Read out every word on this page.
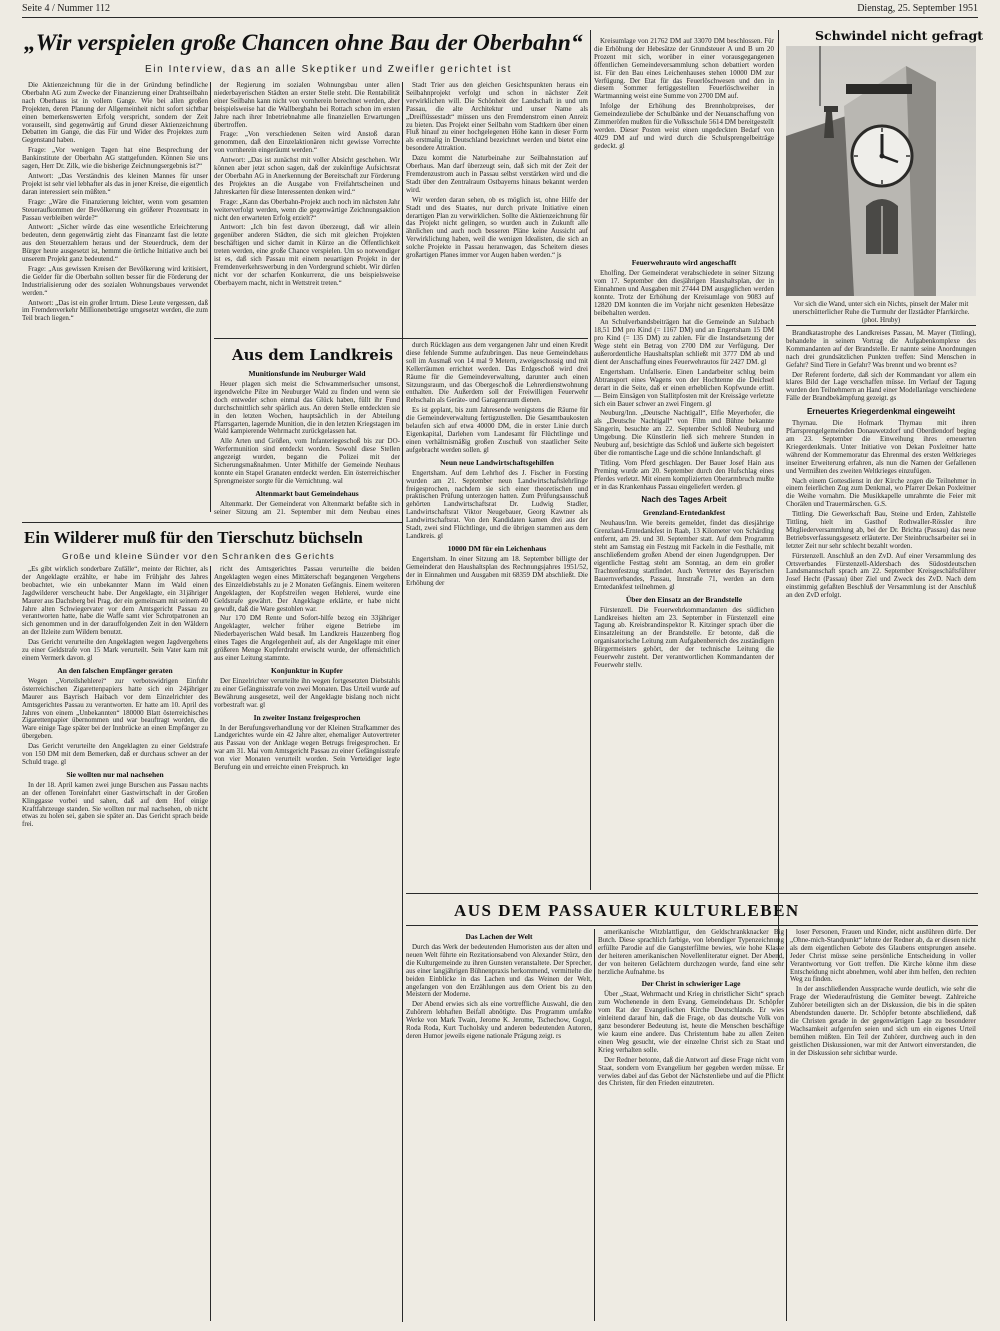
Seite 4 / Nummer 112	Dienstag, 25. September 1951
„Wir verspielen große Chancen ohne Bau der Oberbahn“
Ein Interview, das an alle Skeptiker und Zweifler gerichtet ist

Die Aktienzeichnung für die in der Gründung befindliche Oberbahn AG zum Zwecke der Finanzierung einer Drahtseilbahn nach Oberhaus ist in vollem Gange. Wie bei allen großen Projekten, deren Planung der Allgemeinheit nicht sofort sichtbar einen bemerkenswerten Erfolg verspricht, sondern der Zeit vorauseilt, sind gegenwärtig auf Grund dieser Aktienzeichnung Debatten im Gange, die das Für und Wider des Projektes zum Gegenstand haben.

Frage: „Vor wenigen Tagen hat eine Besprechung der Bankinstitute der Oberbahn AG stattgefunden. Können Sie uns sagen, Herr Dr. Zilk, wie die bisherige Zeichnungsergebnis ist?“

Antwort: „Das Verständnis des kleinen Mannes für unser Projekt ist sehr viel lebhafter als das in jener Kreise, die eigentlich daran interessiert sein müßten.“

Frage: „Wäre die Finanzierung leichter, wenn vom gesamten Steueraufkommen der Bevölkerung ein größerer Prozentsatz in Passau verbleiben würde?“

Antwort: „Sicher würde das eine wesentliche Erleichterung bedeuten, denn gegenwärtig zieht das Finanzamt fast die letzte aus den Steuerzahlern heraus und der Steuerdruck, dem der Bürger heute ausgesetzt ist, hemmt die örtliche Initiative auch bei unserem Projekt ganz bedeutend.“

Frage: „Aus gewissen Kreisen der Bevölkerung wird kritisiert, die Gelder für die Oberbahn sollten besser für die Förderung der Industrialisierung oder des sozialen Wohnungsbaues verwendet werden.“

Antwort: „Das ist ein großer Irrtum. Diese Leute vergessen, daß im Fremdenverkehr Millionenbeträge umgesetzt werden, die zum Teil brach liegen.“

der Regierung im sozialen Wohnungsbau unter allen niederbayerischen Städten an erster Stelle steht. Die Rentabilität einer Seilbahn kann nicht von vornherein berechnet werden, aber beispielsweise hat die Wallbergbahn bei Rottach schon im ersten Jahre nach ihrer Inbetriebnahme alle finanziellen Erwartungen übertroffen.

Frage: „Von verschiedenen Seiten wird Anstoß daran genommen, daß den Einzelaktionären nicht gewisse Vorrechte von vornherein eingeräumt werden.“

Antwort: „Das ist zunächst mit voller Absicht geschehen. Wir können aber jetzt schon sagen, daß der zukünftige Aufsichtsrat der Oberbahn AG in Anerkennung der Bereitschaft zur Förderung des Projektes an die Ausgabe von Freifahrtscheinen und Jahreskarten für diese Interessenten denken wird.“

Frage: „Kann das Oberbahn-Projekt auch noch im nächsten Jahr weiterverfolgt werden, wenn die gegenwärtige Zeichnungsaktion nicht den erwarteten Erfolg erzielt?“

Antwort: „Ich bin fest davon überzeugt, daß wir allein gegenüber anderen Städten, die sich mit gleichen Projekten beschäftigen und sicher damit in Kürze an die Öffentlichkeit treten werden, eine große Chance verspielen. Um so notwendiger ist es, daß sich Passau mit einem neuartigen Projekt in der Fremdenverkehrswerbung in den Vordergrund schiebt. Wir dürfen nicht vor der scharfen Konkurrenz, die uns beispielsweise Oberbayern macht, nicht in Wettstreit treten.“

Stadt Trier aus den gleichen Gesichtspunkten heraus ein Seilbahnprojekt verfolgt und schon in nächster Zeit verwirklichen will. Die Schönheit der Landschaft in und um Passau, die alte Architektur und unser Name als „Dreiflüssestadt“ müssen uns den Fremdenstrom einen Anreiz zu bieten. Das Projekt einer Seilbahn vom Stadtkern über einen Fluß hinauf zu einer hochgelegenen Höhe kann in dieser Form als erstmalig in Deutschland bezeichnet werden und bietet eine besondere Attraktion.

Dazu kommt die Naturbeinahe zur Seilbahnstation auf Oberhaus. Man darf überzeugt sein, daß sich mit der Zeit der Fremdenzustrom auch in Passau selbst verstärken wird und die Stadt über den Zentralraum Ostbayerns hinaus bekannt werden wird.

Wir werden daran sehen, ob es möglich ist, ohne Hilfe der Stadt und des Staates, nur durch private Initiative einen derartigen Plan zu verwirklichen. Sollte die Aktienzeichnung für das Projekt nicht gelingen, so wurden auch in Zukunft alle ähnlichen und auch noch besseren Pläne keine Aussicht auf Verwirklichung haben, weil die wenigen Idealisten, die sich an solche Projekte in Passau heranwagen, das Scheitern dieses großartigen Planes immer vor Augen haben werden.“ js

Kreisumlage von 21762 DM auf 33070 DM beschlossen. Für die Erhöhung der Hebesätze der Grundsteuer A und B um 20 Prozent mit sich, worüber in einer vorausgegangenen öffentlichen Gemeindeversammlung schon debattiert worden ist. Für den Bau eines Leichenhauses stehen 10000 DM zur Verfügung. Der Etat für das Feuerlöschwesen und den in diesem Sommer fertiggestellten Feuerlöschweiher in Wartmanning weist eine Summe von 2700 DM auf.

Infolge der Erhöhung des Brennholzpreises, der Gemeindezuliebe der Schulbänke und der Neuanschaffung von Zimmeröfen mußten für die Volksschule 5614 DM bereitgestellt werden. Dieser Posten weist einen ungedeckten Bedarf von 4029 DM auf und wird durch die Schulsprengelbeiträge gedeckt. gl

Schwindel nicht gefragt
Vor sich die Wand, unter sich ein Nichts, pinselt der Maler mit unerschütterlicher Ruhe die Turmuhr der Ilzstädter Pfarrkirche. (phot. Hruby)

Brandkatastrophe des Landkreises Passau, M. Mayer (Tittling), behandelte in seinem Vortrag die Aufgabenkomplexe des Kommandanten auf der Brandstelle. Er nannte seine Anordnungen nach drei grundsätzlichen Punkten treffen: Sind Menschen in Gefahr? Sind Tiere in Gefahr? Was brennt und wo brennt es?

Der Referent forderte, daß sich der Kommandant vor allem ein klares Bild der Lage verschaffen müsse. Im Verlauf der Tagung wurden den Teilnehmern an Hand einer Modellanlage verschiedene Fälle der Brandbekämpfung gezeigt. gs

Erneuertes Kriegerdenkmal eingeweiht

Thyrnau. Die Hofmark Thyrnau mit ihren Pfarrsprengelgemeinden Donauwetzdorf und Oberdiendorf beging am 23. September die Einweihung ihres erneuerten Kriegerdenkmals. Unter Initiative von Dekan Poxleitner hatte während der Kommemoratur das Ehrenmal des ersten Weltkrieges inseiner Erweiterung erfahren, als nun die Namen der Gefallenen und Vermißten des zweiten Weltkrieges einzufügen.

Nach einem Gottesdienst in der Kirche zogen die Teilnehmer in einem feierlichen Zug zum Denkmal, wo Pfarrer Dekan Poxleitner die Weihe vornahm. Die Musikkapelle umrahmte die Feier mit Chorälen und Trauermärschen. G.S.

Tittling. Die Gewerkschaft Bau, Steine und Erden, Zahlstelle Tittling, hielt im Gasthof Rothwaller-Rössler ihre Mitgliederversammlung ab, bei der Dr. Brichta (Passau) das neue Betriebsverfassungsgesetz erläuterte. Der Steinbruchsarbeiter sei in letzter Zeit nur sehr schlecht bezahlt worden.

Fürstenzell. Anschluß an den ZvD. Auf einer Versammlung des Ortsverbandes Fürstenzell-Aldersbach des Südostdeutschen Landsmannschaft sprach am 22. September Kreisgeschäftsführer Josef Hecht (Passau) über Ziel und Zweck des ZvD. Nach dem einstimmig gefaßten Beschluß der Versammlung ist der Anschluß an den ZvD erfolgt.

Ein Wilderer muß für den Tierschutz büchseln
Große und kleine Sünder vor den Schranken des Gerichts

„Es gibt wirklich sonderbare Zufälle“, meinte der Richter, als der Angeklagte erzählte, er habe im Frühjahr des Jahres beobachtet, wie ein unbekannter Mann im Wald einen Jagdwilderer verscheucht habe. Der Angeklagte, ein 31jähriger Maurer aus Dachsberg bei Prag, der ein gemeinsam mit seinem 40 Jahre alten Schwiegervater vor dem Amtsgericht Passau zu verantworten hatte, habe die Waffe samt vier Schrotpatronen an sich genommen und in der darauffolgenden Zeit in den Wäldern an der Ilzleite zum Wildern benutzt.

Das Gericht verurteilte den Angeklagten wegen Jagdvergehens zu einer Geldstrafe von 15 Mark verurteilt. Sein Vater kam mit einem Vermerk davon. gl

An den falschen Empfänger geraten

Wegen „Vorteilshehlerei“ zur verbotswidrigen Einfuhr österreichischen Zigarettenpapiers hatte sich ein 24jähriger Maurer aus Bayrisch Haibach vor dem Einzelrichter des Amtsgerichtes Passau zu verantworten. Er hatte am 10. April des Jahres von einem „Unbekannten“ 180000 Blatt österreichisches Zigarettenpapier übernommen und war beauftragt worden, die Ware einige Tage später bei der Innbrücke an einen Empfänger zu übergeben.

Das Gericht verurteilte den Angeklagten zu einer Geldstrafe von 150 DM mit dem Bemerken, daß er durchaus schwer an der Schuld trage. gl

Sie wollten nur mal nachsehen

In der 18. April kamen zwei junge Burschen aus Passau nachts an der offenen Toreinfahrt einer Gastwirtschaft in der Großen Klinggasse vorbei und sahen, daß auf dem Hof einige Kraftfahrzeuge standen. Sie wollten nur mal nachsehen, ob nicht etwas zu holen sei, gaben sie später an. Das Gericht sprach beide frei.

richt des Amtsgerichtes Passau verurteilte die beiden Angeklagten wegen eines Mittäterschaft begangenen Vergehens des Einzeldiebstahls zu je 2 Monaten Gefängnis. Einem weiteren Angeklagten, der Kopfstreifen wegen Hehlerei, wurde eine Geldstrafe gewährt. Der Angeklagte erklärte, er habe nicht gewußt, daß die Ware gestohlen war.

Nur 170 DM Rente und Sofort-hilfe bezog ein 33jähriger Angeklagter, welcher früher eigene Betriebe im Niederbayerischen Wald besaß. Im Landkreis Hauzenberg flog eines Tages die Angelegenheit auf, als der Angeklagte mit einer größeren Menge Kupferdraht erwischt wurde, der offensichtlich aus einer Leitung stammte.

Konjunktur in Kupfer

Der Einzelrichter verurteilte ihn wegen fortgesetzten Diebstahls zu einer Gefängnisstrafe von zwei Monaten. Das Urteil wurde auf Bewährung ausgesetzt, weil der Angeklagte bislang noch nicht vorbestraft war. gl

In zweiter Instanz freigesprochen

In der Berufungsverhandlung vor der Kleinen Strafkammer des Landgerichtes wurde ein 42 Jahre alter, ehemaliger Autovertreter aus Passau von der Anklage wegen Betrugs freigesprochen. Er war am 31. Mai vom Amtsgericht Passau zu einer Gefängnisstrafe von vier Monaten verurteilt worden. Sein Verteidiger legte Berufung ein und erreichte einen Freispruch. kn

Aus dem Landkreis
Munitionsfunde im Neuburger Wald

Heuer plagen sich meist die Schwammerlsucher umsonst, irgendwelche Pilze im Neuburger Wald zu finden und wenn sie doch entweder schon einmal das Glück haben, füllt ihr Fund durchschnittlich sehr spärlich aus. An deren Stelle entdeckten sie in den letzten Wochen, hauptsächlich in der Abteilung Pfarrsgarten, lagernde Munition, die in den letzten Kriegstagen im Wald kampierende Wehrmacht zurückgelassen hat.

Alle Arten und Größen, vom Infanteriegeschoß bis zur DO-Werfermunition sind entdeckt worden. Sowohl diese Stellen angezeigt wurden, begann die Polizei mit der Sicherungsmaßnahmen. Unter Mithilfe der Gemeinde Neuhaus konnte ein Stapel Granaten entdeckt werden. Ein österreichischer Sprengmeister sorgte für die Vernichtung. wal

Altenmarkt baut Gemeindehaus

Altenmarkt. Der Gemeinderat von Altenmarkt befaßte sich in seiner Sitzung am 21. September mit dem Neubau eines

durch Rücklagen aus dem vergangenen Jahr und einen Kredit diese fehlende Summe aufzubringen. Das neue Gemeindehaus soll im Ausmaß von 14 mal 9 Metern, zweigeschossig und mit Kellerräumen errichtet werden. Das Erdgeschoß wird drei Räume für die Gemeindeverwaltung, darunter auch einen Sitzungsraum, und das Obergeschoß die Lehrerdienstwohnung enthalten. Die Außerdem soll der Freiwilligen Feuerwehr Rehschaln als Geräte- und Garagenraum dienen.

Es ist geplant, bis zum Jahresende wenigstens die Räume für die Gemeindeverwaltung fertigzustellen. Die Gesamtbaukosten belaufen sich auf etwa 40000 DM, die in erster Linie durch Eigenkapital, Darlehen vom Landesamt für Flüchtlinge und einen verhältnismäßig großen Zuschuß von staatlicher Seite aufgebracht werden sollen. gl

Neun neue Landwirtschaftsgehilfen

Engertsham. Auf dem Lehrhof des J. Fischer in Forsting wurden am 21. September neun Landwirtschaftslehrlinge freigesprochen, nachdem sie sich einer theoretischen und praktischen Prüfung unterzogen hatten. Zum Prüfungsausschuß gehörten Landwirtschaftsrat Dr. Ludwig Stadler, Landwirtschaftsrat Viktor Neugebauer, Georg Kawtner als Landwirtschaftsrat. Von den Kandidaten kamen drei aus der Stadt, zwei sind Flüchtlinge, und die übrigen stammen aus dem Landkreis. gl

10000 DM für ein Leichenhaus

Engertsham. In einer Sitzung am 18. September billigte der Gemeinderat den Haushaltsplan des Rechnungsjahres 1951/52, der in Einnahmen und Ausgaben mit 68359 DM abschließt. Die Erhöhung der

Feuerwehrauto wird angeschafft

Eholfing. Der Gemeinderat verabschiedete in seiner Sitzung vom 17. September den diesjährigen Haushaltsplan, der in Einnahmen und Ausgaben mit 27444 DM ausgeglichen werden konnte. Trotz der Erhöhung der Kreisumlage von 9083 auf 12820 DM konnten die im Vorjahr nicht gesenkten Hebesätze beibehalten werden.

An Schulverbandsbeiträgen hat die Gemeinde an Sulzbach 18,51 DM pro Kind (= 1167 DM) und an Engertsham 15 DM pro Kind (= 135 DM) zu zahlen. Für die Instandsetzung der Wege steht ein Betrag von 2700 DM zur Verfügung. Der außerordentliche Haushaltsplan schließt mit 3777 DM ab und dient der Anschaffung eines Feuerwehrautos für 2427 DM. gl

Engertsham. Unfallserie. Einen Landarbeiter schlug beim Abtransport eines Wagens von der Hochtenne die Deichsel derart in die Seite, daß er einen erheblichen Kopfwunde erlitt. — Beim Einsägen von Stallitpfosten mit der Kreissäge verletzte sich ein Bauer schwer an zwei Fingern. gl

Neuburg/Inn. „Deutsche Nachtigall“, Elfie Meyerhofer, die als „Deutsche Nachtigall“ von Film und Bühne bekannte Sängerin, besuchte am 22. September Schloß Neuburg und Umgebung. Die Künstlerin ließ sich mehrere Stunden in Neuburg auf, besichtigte das Schloß und äußerte sich begeistert über die romantische Lage und die schöne Innlandschaft. gl

Titling. Vom Pferd geschlagen. Der Bauer Josef Hain aus Preming wurde am 20. September durch den Hufschlag eines Pferdes verletzt. Mit einem komplizierten Oberarmbruch mußte er in das Krankenhaus Passau eingeliefert werden. gl

Nach des Tages Arbeit
Grenzland-Erntedankfest

Neuhaus/Inn. Wie bereits gemeldet, findet das diesjährige Grenzland-Erntedankfest in Raab, 13 Kilometer von Schärding entfernt, am 29. und 30. September statt. Auf dem Programm steht am Samstag ein Festzug mit Fackeln in die Festhalle, mit anschließendem großen Abend der einen Jugendgruppen. Der eigentliche Festtag steht am Sonntag, an dem ein großer Trachtenfestzug stattfindet. Auch Vertreter des Bayerischen Bauernverbandes, Passau, Innstraße 71, werden an dem Erntedankfest teilnehmen. gl

Über den Einsatz an der Brandstelle

Fürstenzell. Die Feuerwehrkommandanten des südlichen Landkreises hielten am 23. September in Fürstenzell eine Tagung ab. Kreisbrandinspektor R. Kitzinger sprach über die Einsatzleitung an der Brandstelle. Er betonte, daß die organisatorische Leitung zum Aufgabenbereich des zuständigen Bürgermeisters gehört, der der technische Leitung die Feuerwehr zusteht. Der verantwortlichen Kommandanten der Feuerwehr stellv.

AUS DEM PASSAUER KULTURLEBEN
Das Lachen der Welt

Durch das Werk der bedeutenden Humoristen aus der alten und neuen Welt führte ein Rezitationsabend von Alexander Stürz, den die Kulturgemeinde zu ihren Gunsten veranstaltete. Der Sprecher, aus einer langjährigen Bühnenpraxis herkommend, vermittelte die beiden Einblicke in das Lachen und das Weinen der Welt, angefangen von den Erzählungen aus dem Orient bis zu den Meistern der Moderne.

Der Abend erwies sich als eine vortreffliche Auswahl, die den Zuhörern lebhaften Beifall abnötigte. Das Programm umfaßte Werke von Mark Twain, Jerome K. Jerome, Tschechow, Gogol, Roda Roda, Kurt Tucholsky und anderen bedeutenden Autoren, deren Humor jeweils eigene nationale Prägung zeigt. rs

amerikanische Witzblattfigur, den Geldschrankknacker Big Butch. Diese sprachlich farbige, von lebendiger Typenzeichnung erfüllte Parodie auf die Gangsterfilme bewies, wie hohe Klasse der heiteren amerikanischen Novellenliteratur eignet. Der Abend, der von heiteren Gelächtern durchzogen wurde, fand eine sehr herzliche Aufnahme. bs

Der Christ in schwieriger Lage

Über „Staat, Wehrmacht und Krieg in christlicher Sicht“ sprach zum Wochenende in dem Evang. Gemeindehaus Dr. Schöpfer vom Rat der Evangelischen Kirche Deutschlands. Er wies einleitend darauf hin, daß die Frage, ob das deutsche Volk von ganz besonderer Bedeutung ist, heute die Menschen beschäftige wie kaum eine andere. Das Christentum habe zu allen Zeiten einen Weg gesucht, wie der einzelne Christ sich zu Staat und Krieg verhalten solle.

Der Redner betonte, daß die Antwort auf diese Frage nicht vom Staat, sondern vom Evangelium her gegeben werden müsse. Er verwies dabei auf das Gebot der Nächstenliebe und auf die Pflicht des Christen, für den Frieden einzutreten.

loser Personen, Frauen und Kinder, nicht ausführen dürfe. Der „Ohne-mich-Standpunkt“ lehnte der Redner ab, da er diesen nicht als dem eigentlichen Gebote des Glaubens entsprungen ansehe. Jeder Christ müsse seine persönliche Entscheidung in voller Verantwortung vor Gott treffen. Die Kirche könne ihm diese Entscheidung nicht abnehmen, wohl aber ihm helfen, den rechten Weg zu finden.

In der anschließenden Aussprache wurde deutlich, wie sehr die Frage der Wiederaufrüstung die Gemüter bewegt. Zahlreiche Zuhörer beteiligten sich an der Diskussion, die bis in die späten Abendstunden dauerte. Dr. Schöpfer betonte abschließend, daß die Christen gerade in der gegenwärtigen Lage zu besonderer Wachsamkeit aufgerufen seien und sich um ein eigenes Urteil bemühen müßten. Ein Teil der Zuhörer, durchweg auch in den geistlichen Diskussionen, war mit der Antwort einverstanden, die in der Diskussion sehr sichtbar wurde.
